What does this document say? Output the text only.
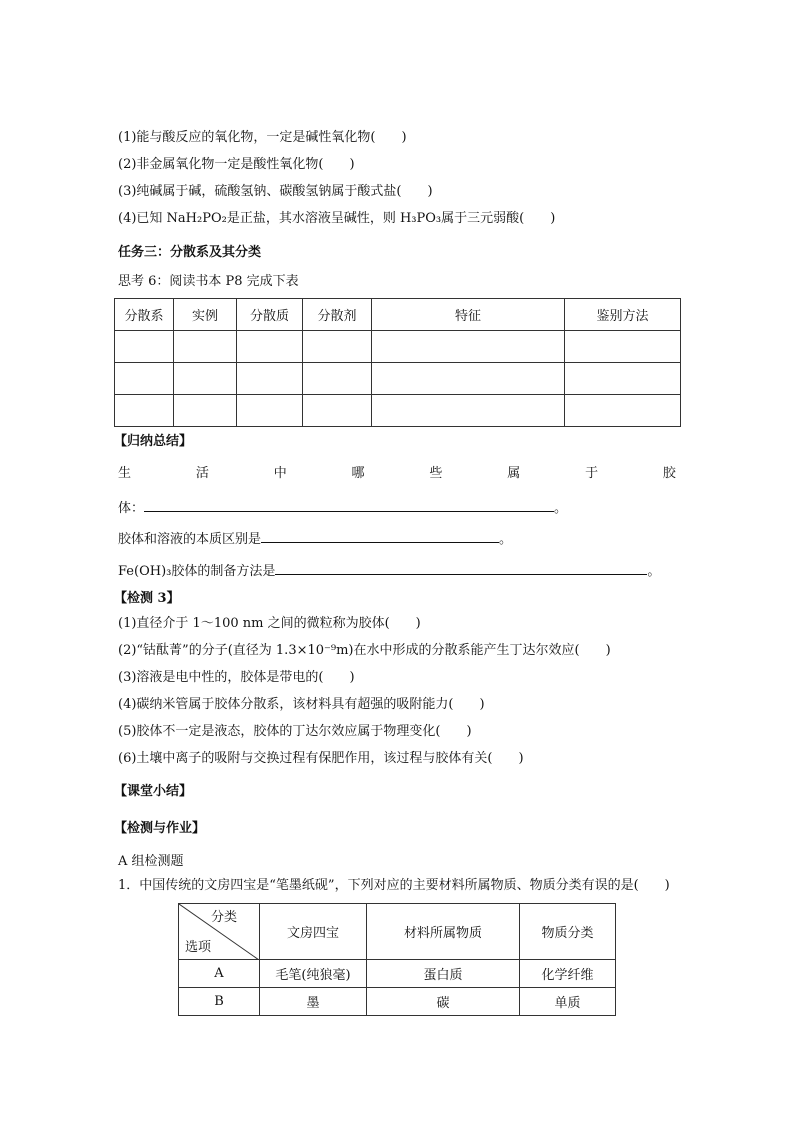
(1)能与酸反应的氧化物，一定是碱性氧化物(　　)
(2)非金属氧化物一定是酸性氧化物(　　)
(3)纯碱属于碱，硫酸氢钠、碳酸氢钠属于酸式盐(　　)
(4)已知 NaH₂PO₂是正盐，其水溶液呈碱性，则 H₃PO₃属于三元弱酸(　　)
任务三：分散系及其分类
思考 6：阅读书本 P8 完成下表
分散系	实例	分散质	分散剂	特征	鉴别方法

【归纳总结】
生	活	中	哪	些	属	于	胶
体：	。
胶体和溶液的本质区别是	。
Fe(OH)₃胶体的制备方法是	。
【检测 3】
(1)直径介于 1～100 nm 之间的微粒称为胶体(　　)
(2)“钴酞菁”的分子(直径为 1.3×10⁻⁹m)在水中形成的分散系能产生丁达尔效应(　　)
(3)溶液是电中性的，胶体是带电的(　　)
(4)碳纳米管属于胶体分散系，该材料具有超强的吸附能力(　　)
(5)胶体不一定是液态，胶体的丁达尔效应属于物理变化(　　)
(6)土壤中离子的吸附与交换过程有保肥作用，该过程与胶体有关(　　)
【课堂小结】
【检测与作业】
A 组检测题
1．中国传统的文房四宝是“笔墨纸砚”，下列对应的主要材料所属物质、物质分类有误的是(　　)
分类
选项	文房四宝	材料所属物质	物质分类
A	毛笔(纯狼毫)	蛋白质	化学纤维
B	墨	碳	单质
